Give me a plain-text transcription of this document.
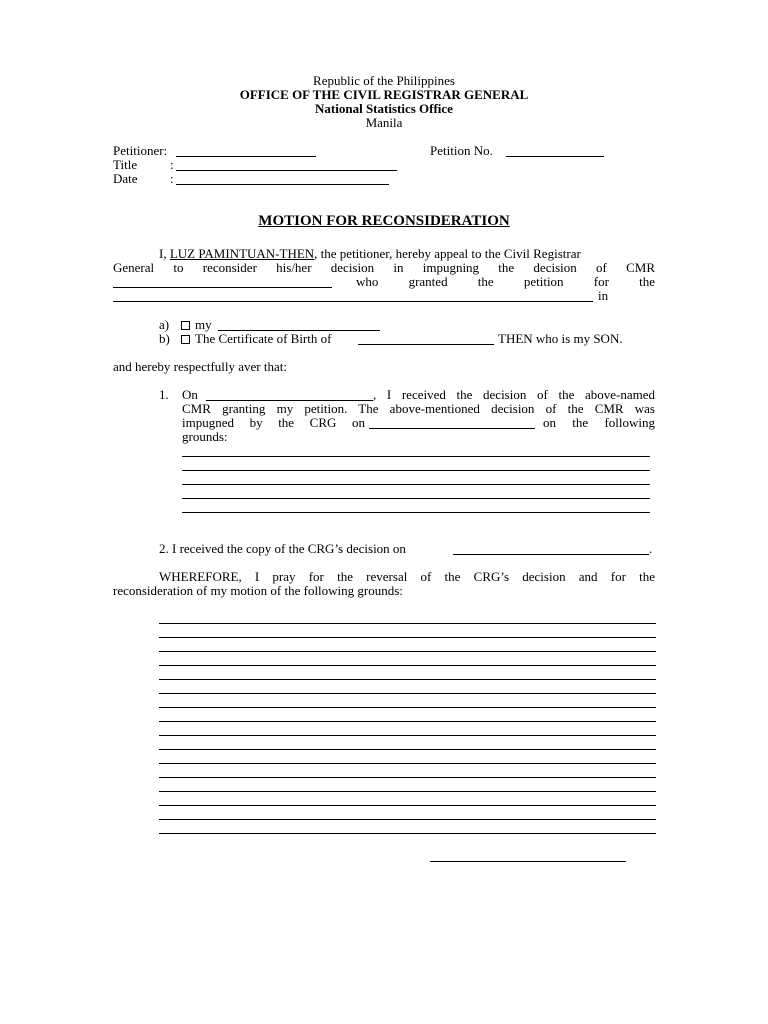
Republic of the Philippines
OFFICE OF THE CIVIL REGISTRAR GENERAL
National Statistics Office
Manila
Petitioner:	Petition No.
Title	:
Date :
MOTION FOR RECONSIDERATION
I, LUZ PAMINTUAN-THEN, the petitioner, hereby appeal to the Civil Registrar
General to reconsider his/her decision in impugning the decision of CMR
who granted the petition for the
in
a)	my
b)	The Certificate of Birth of	THEN who is my SON.
and hereby respectfully aver that:
1. On	, I received the decision of the above-named
CMR granting my petition. The above-mentioned decision of the CMR was
impugned by the CRG on	on the following
grounds:
2. I received the copy of the CRG’s decision on	.
WHEREFORE, I pray for the reversal of the CRG’s decision and for the
reconsideration of my motion of the following grounds:
